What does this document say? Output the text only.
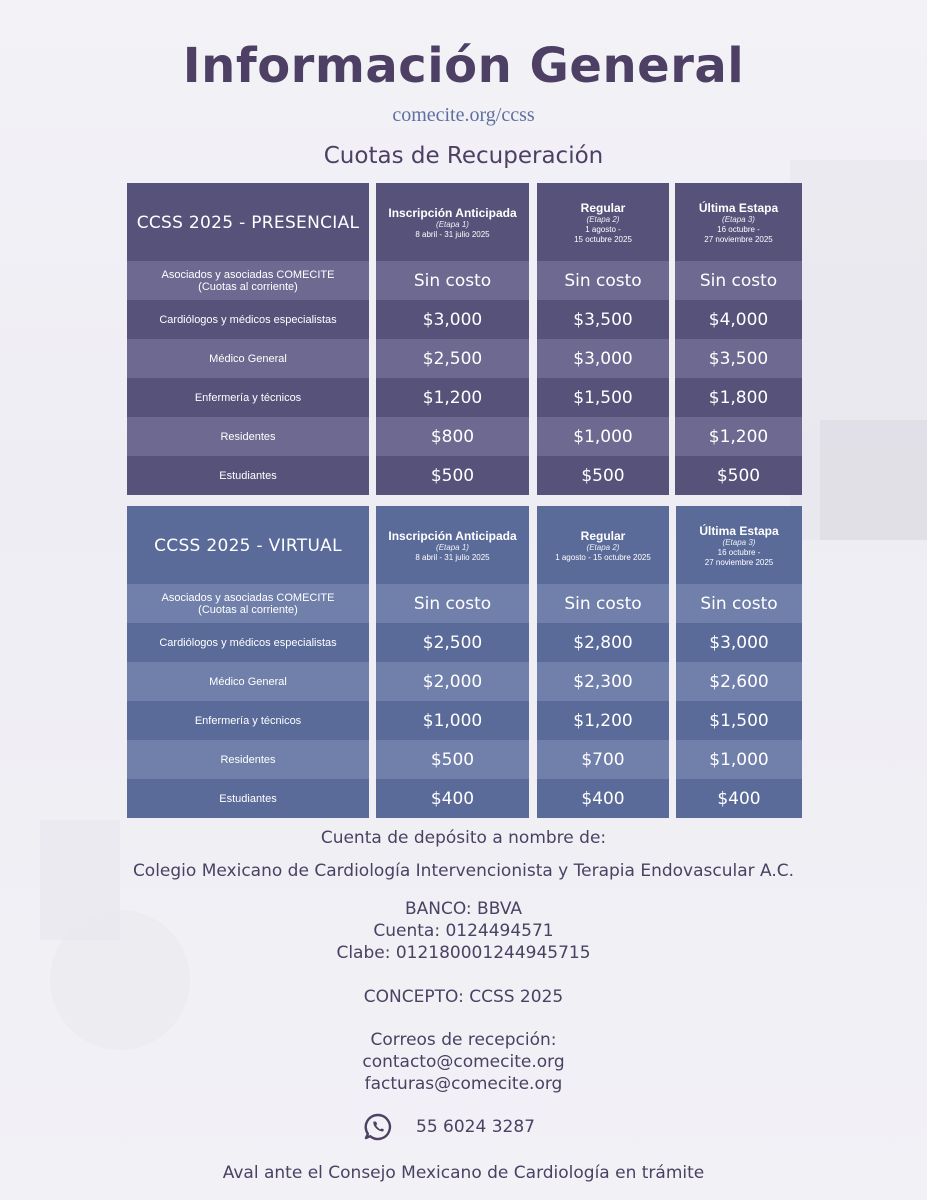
Información General
comecite.org/ccss
Cuotas de Recuperación
CCSS 2025 - PRESENCIAL
Asociados y asociadas COMECITE
(Cuotas al corriente)
Cardiólogos y médicos especialistas
Médico General
Enfermería y técnicos
Residentes
Estudiantes
Inscripción Anticipada
(Etapa 1)
8 abril - 31 julio 2025
Sin costo
$3,000
$2,500
$1,200
$800
$500
Regular
(Etapa 2)
1 agosto -
15 octubre 2025
Sin costo
$3,500
$3,000
$1,500
$1,000
$500
Última Estapa
(Etapa 3)
16 octubre -
27 noviembre 2025
Sin costo
$4,000
$3,500
$1,800
$1,200
$500
CCSS 2025 - VIRTUAL
Asociados y asociadas COMECITE
(Cuotas al corriente)
Cardiólogos y médicos especialistas
Médico General
Enfermería y técnicos
Residentes
Estudiantes
Inscripción Anticipada
(Etapa 1)
8 abril - 31 julio 2025
Sin costo
$2,500
$2,000
$1,000
$500
$400
Regular
(Etapa 2)
1 agosto - 15 octubre 2025
Sin costo
$2,800
$2,300
$1,200
$700
$400
Última Estapa
(Etapa 3)
16 octubre -
27 noviembre 2025
Sin costo
$3,000
$2,600
$1,500
$1,000
$400
Cuenta de depósito a nombre de:
Colegio Mexicano de Cardiología Intervencionista y Terapia Endovascular A.C.
BANCO: BBVA
Cuenta: 0124494571
Clabe: 012180001244945715
CONCEPTO: CCSS 2025
Correos de recepción:
contacto@comecite.org
facturas@comecite.org
55 6024 3287
Aval ante el Consejo Mexicano de Cardiología en trámite
